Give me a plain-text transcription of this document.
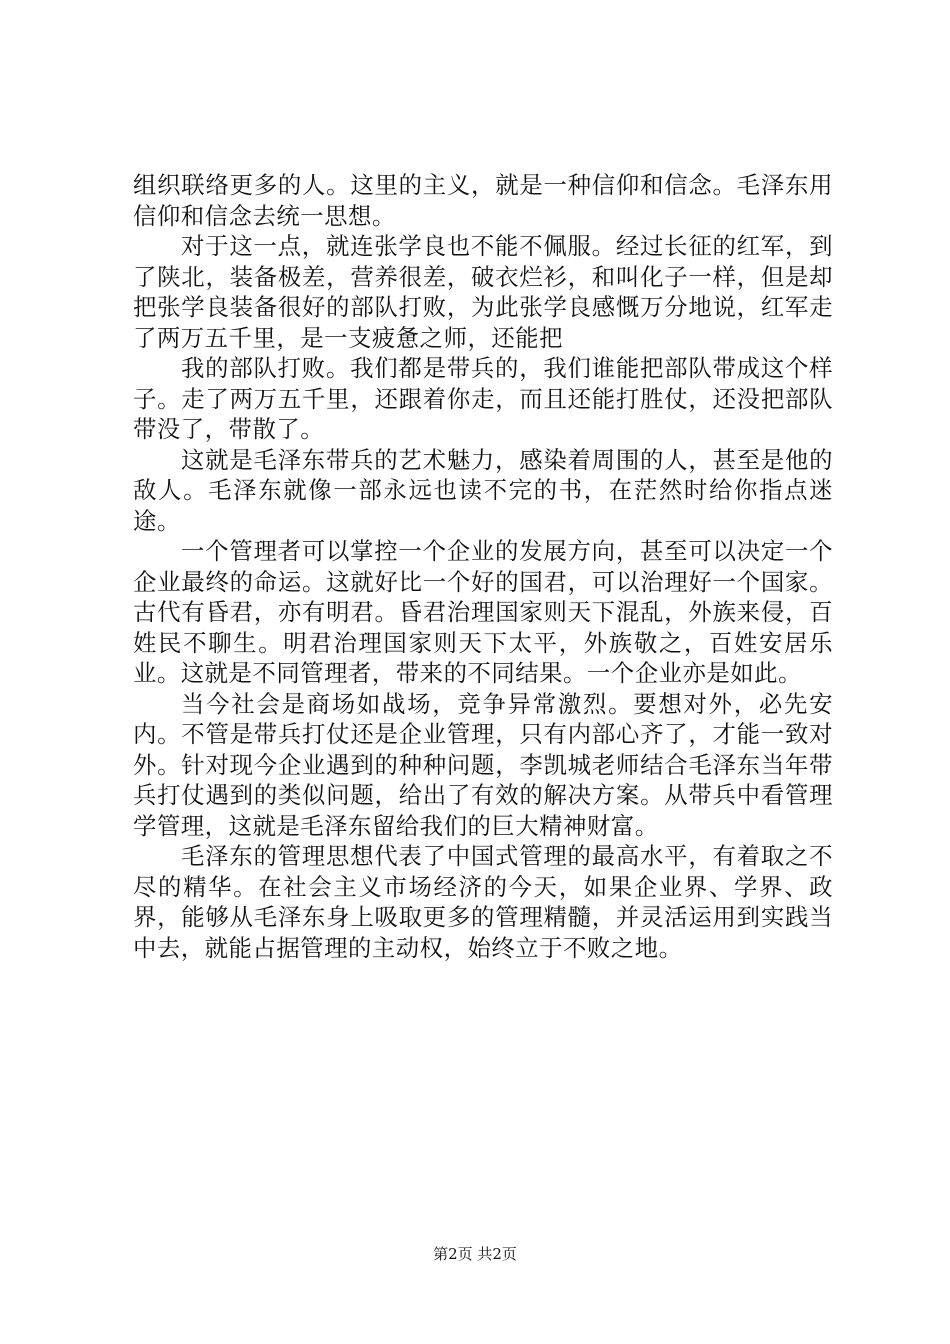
组织联络更多的人。这里的主义，就是一种信仰和信念。毛泽东用信仰和信念去统一思想。

对于这一点，就连张学良也不能不佩服。经过长征的红军，到了陕北，装备极差，营养很差，破衣烂衫，和叫化子一样，但是却把张学良装备很好的部队打败，为此张学良感慨万分地说，红军走了两万五千里，是一支疲惫之师，还能把

我的部队打败。我们都是带兵的，我们谁能把部队带成这个样子。走了两万五千里，还跟着你走，而且还能打胜仗，还没把部队带没了，带散了。

这就是毛泽东带兵的艺术魅力，感染着周围的人，甚至是他的敌人。毛泽东就像一部永远也读不完的书，在茫然时给你指点迷途。

一个管理者可以掌控一个企业的发展方向，甚至可以决定一个企业最终的命运。这就好比一个好的国君，可以治理好一个国家。古代有昏君，亦有明君。昏君治理国家则天下混乱，外族来侵，百姓民不聊生。明君治理国家则天下太平，外族敬之，百姓安居乐业。这就是不同管理者，带来的不同结果。一个企业亦是如此。

当今社会是商场如战场，竞争异常激烈。要想对外，必先安内。不管是带兵打仗还是企业管理，只有内部心齐了，才能一致对外。针对现今企业遇到的种种问题，李凯城老师结合毛泽东当年带兵打仗遇到的类似问题，给出了有效的解决方案。从带兵中看管理学管理，这就是毛泽东留给我们的巨大精神财富。

毛泽东的管理思想代表了中国式管理的最高水平，有着取之不尽的精华。在社会主义市场经济的今天，如果企业界、学界、政界，能够从毛泽东身上吸取更多的管理精髓，并灵活运用到实践当中去，就能占据管理的主动权，始终立于不败之地。

第2页 共2页
